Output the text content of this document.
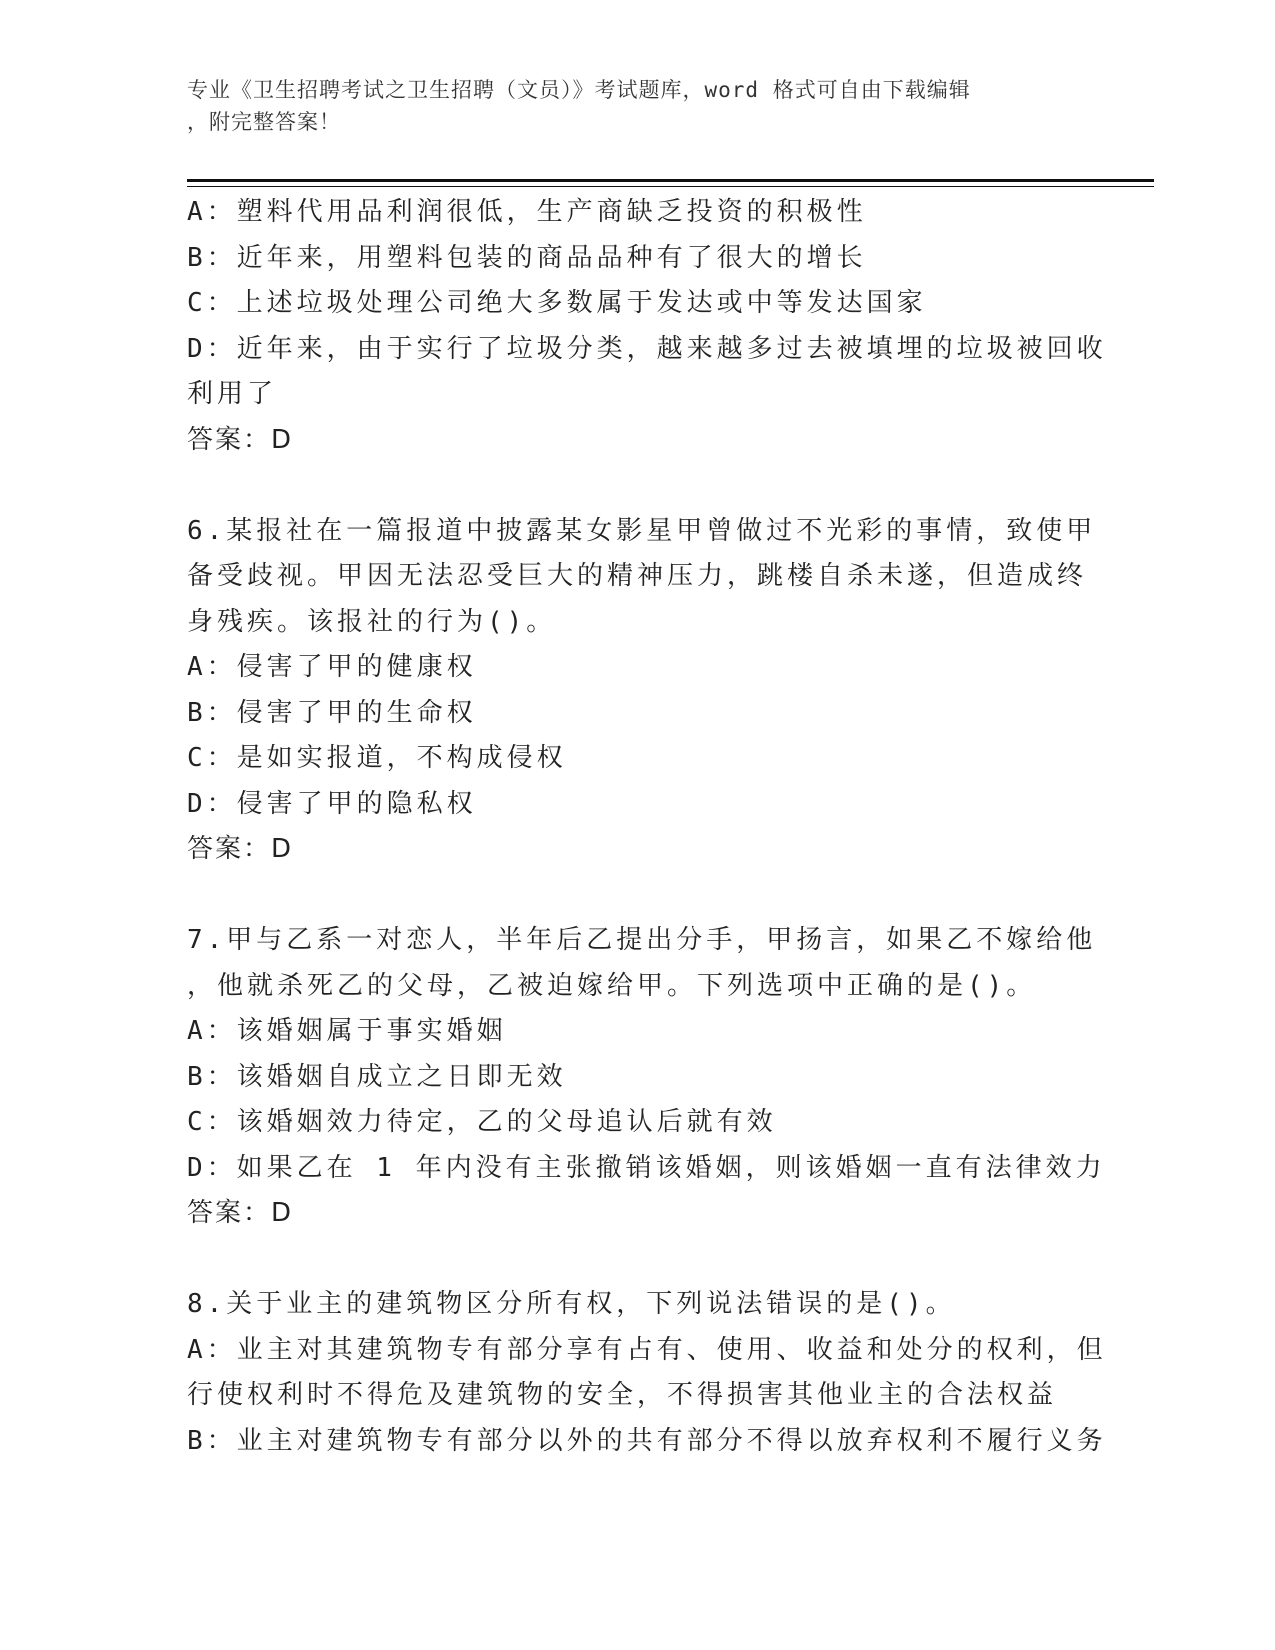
专业《卫生招聘考试之卫生招聘（文员）》考试题库，word 格式可自由下载编辑
，附完整答案！
A：塑料代用品利润很低，生产商缺乏投资的积极性
B：近年来，用塑料包装的商品品种有了很大的增长
C：上述垃圾处理公司绝大多数属于发达或中等发达国家
D：近年来，由于实行了垃圾分类，越来越多过去被填埋的垃圾被回收
利用了
答案：D
6.某报社在一篇报道中披露某女影星甲曾做过不光彩的事情，致使甲
备受歧视。甲因无法忍受巨大的精神压力，跳楼自杀未遂，但造成终
身残疾。该报社的行为()。
A：侵害了甲的健康权
B：侵害了甲的生命权
C：是如实报道，不构成侵权
D：侵害了甲的隐私权
答案：D
7.甲与乙系一对恋人，半年后乙提出分手，甲扬言，如果乙不嫁给他
，他就杀死乙的父母，乙被迫嫁给甲。下列选项中正确的是()。
A：该婚姻属于事实婚姻
B：该婚姻自成立之日即无效
C：该婚姻效力待定，乙的父母追认后就有效
D：如果乙在 1 年内没有主张撤销该婚姻，则该婚姻一直有法律效力
答案：D
8.关于业主的建筑物区分所有权，下列说法错误的是()。
A：业主对其建筑物专有部分享有占有、使用、收益和处分的权利，但
行使权利时不得危及建筑物的安全，不得损害其他业主的合法权益
B：业主对建筑物专有部分以外的共有部分不得以放弃权利不履行义务
